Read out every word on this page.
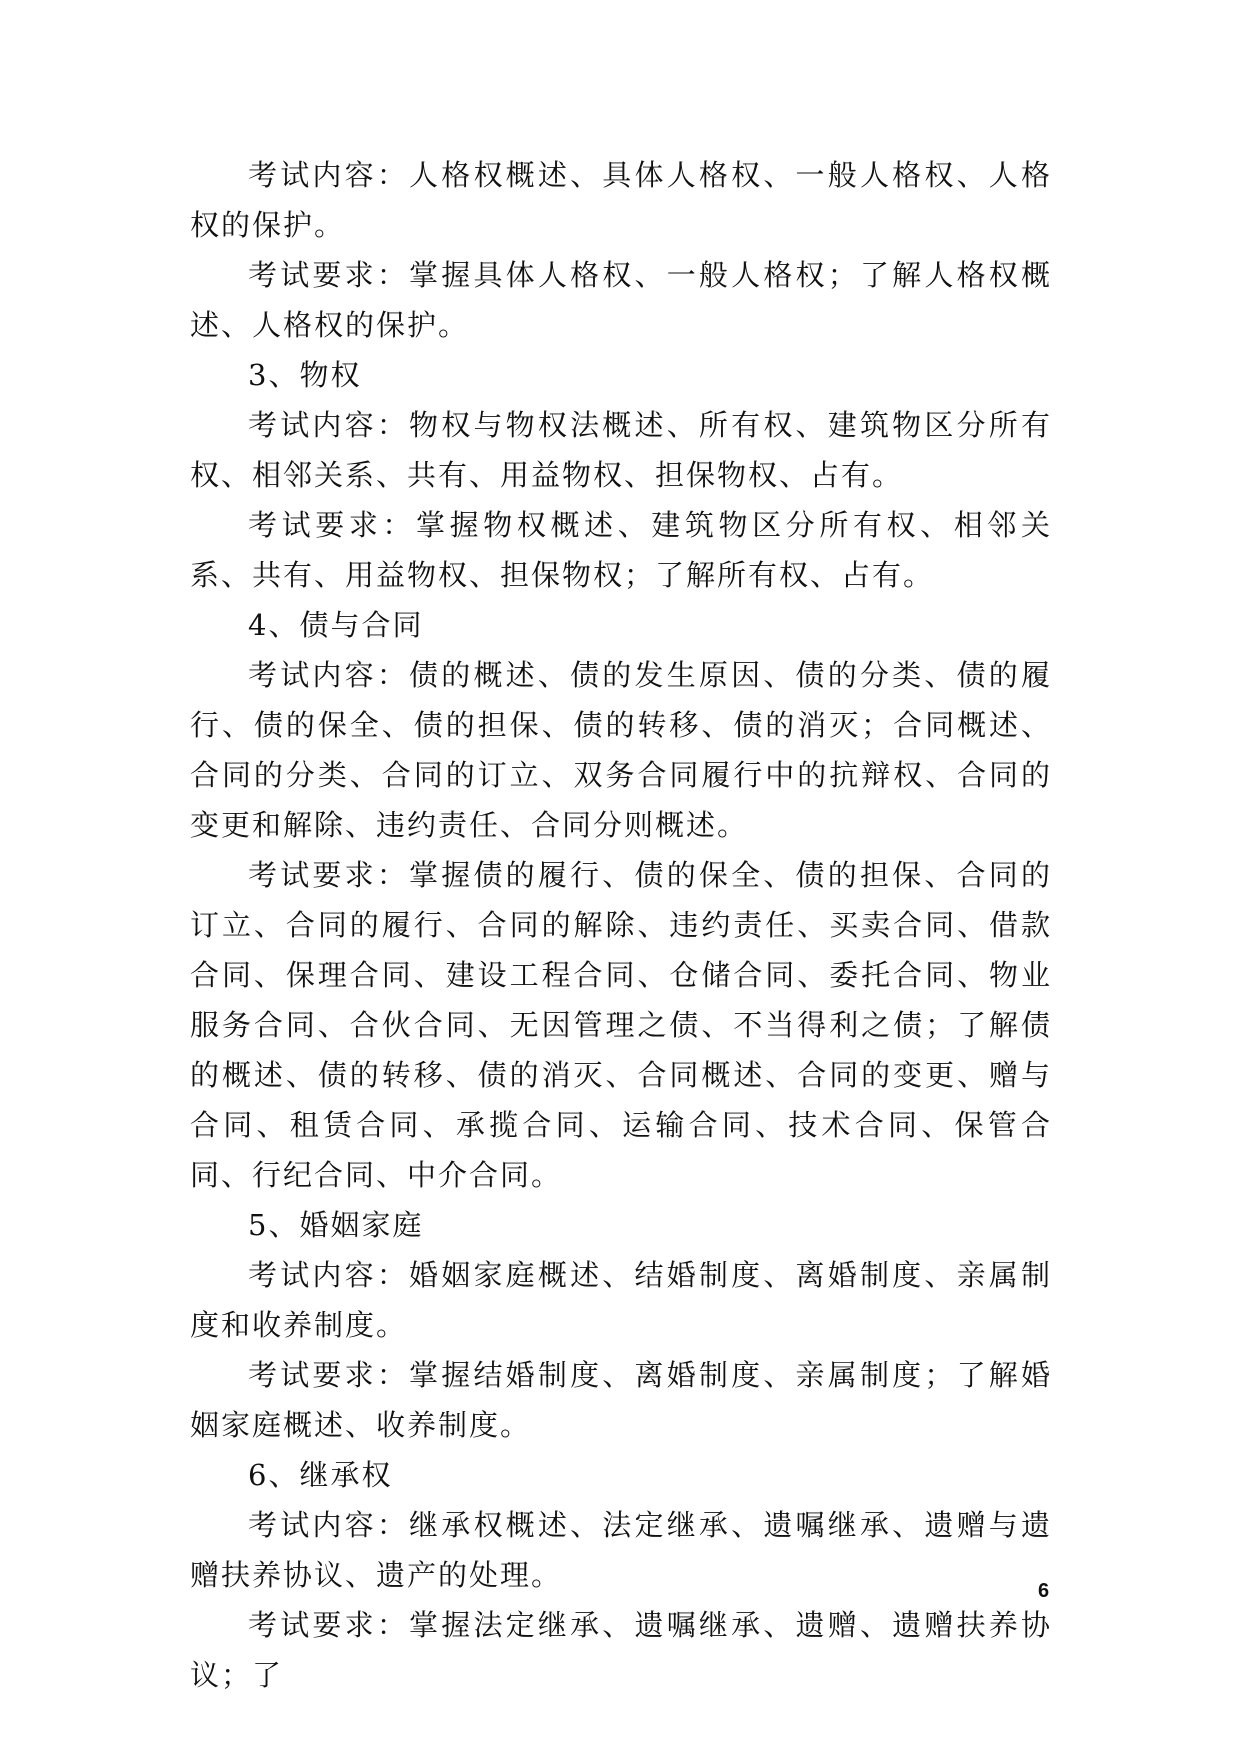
考试内容：人格权概述、具体人格权、一般人格权、人格权的保护。

考试要求：掌握具体人格权、一般人格权；了解人格权概述、人格权的保护。

3、物权

考试内容：物权与物权法概述、所有权、建筑物区分所有权、相邻关系、共有、用益物权、担保物权、占有。

考试要求：掌握物权概述、建筑物区分所有权、相邻关系、共有、用益物权、担保物权；了解所有权、占有。

4、债与合同

考试内容：债的概述、债的发生原因、债的分类、债的履行、债的保全、债的担保、债的转移、债的消灭；合同概述、合同的分类、合同的订立、双务合同履行中的抗辩权、合同的变更和解除、违约责任、合同分则概述。

考试要求：掌握债的履行、债的保全、债的担保、合同的订立、合同的履行、合同的解除、违约责任、买卖合同、借款合同、保理合同、建设工程合同、仓储合同、委托合同、物业服务合同、合伙合同、无因管理之债、不当得利之债；了解债的概述、债的转移、债的消灭、合同概述、合同的变更、赠与合同、租赁合同、承揽合同、运输合同、技术合同、保管合同、行纪合同、中介合同。

5、婚姻家庭

考试内容：婚姻家庭概述、结婚制度、离婚制度、亲属制度和收养制度。

考试要求：掌握结婚制度、离婚制度、亲属制度；了解婚姻家庭概述、收养制度。

6、继承权

考试内容：继承权概述、法定继承、遗嘱继承、遗赠与遗赠扶养协议、遗产的处理。

考试要求：掌握法定继承、遗嘱继承、遗赠、遗赠扶养协议；了

6
